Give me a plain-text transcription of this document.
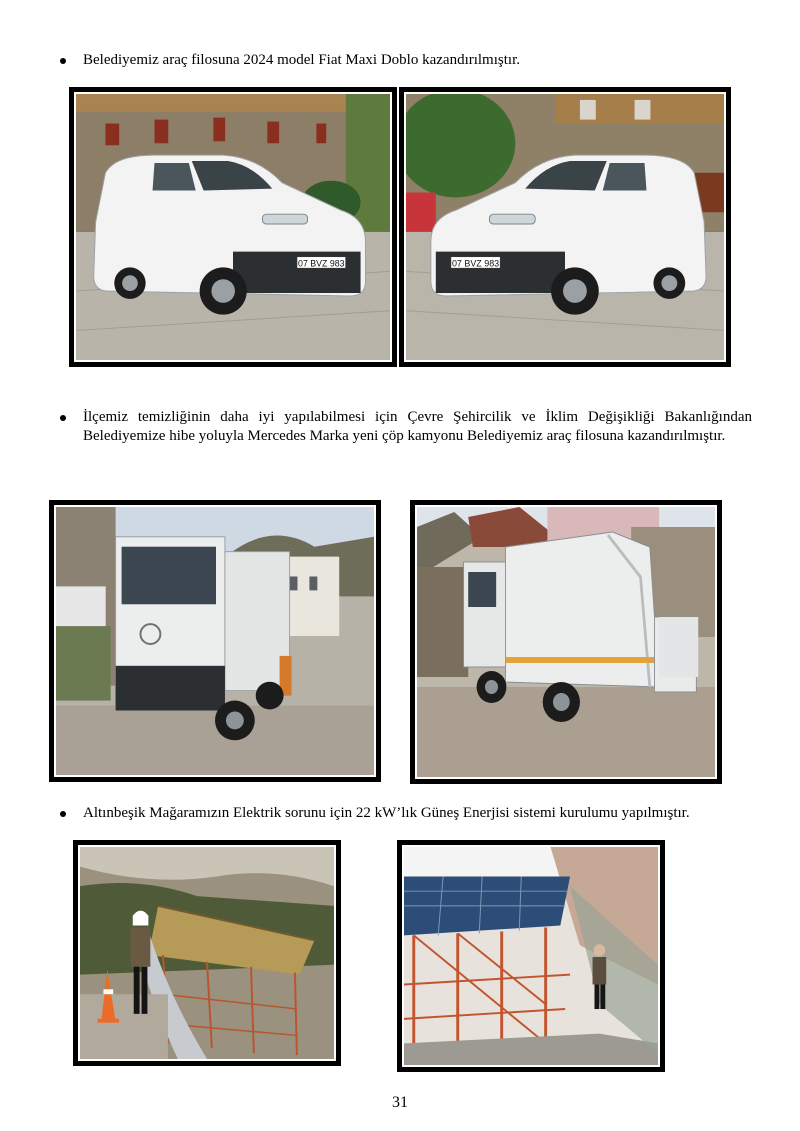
Belediyemiz araç filosuna 2024 model Fiat Maxi Doblo kazandırılmıştır.
07 BVZ 983	07 BVZ 983
İlçemiz temizliğinin daha iyi yapılabilmesi için Çevre Şehircilik ve İklim Değişikliği Bakanlığından Belediyemize hibe yoluyla Mercedes Marka yeni çöp kamyonu Belediyemiz araç filosuna kazandırılmıştır.
Altınbeşik Mağaramızın Elektrik sorunu için 22 kW’lık Güneş Enerjisi sistemi kurulumu yapılmıştır.
31
